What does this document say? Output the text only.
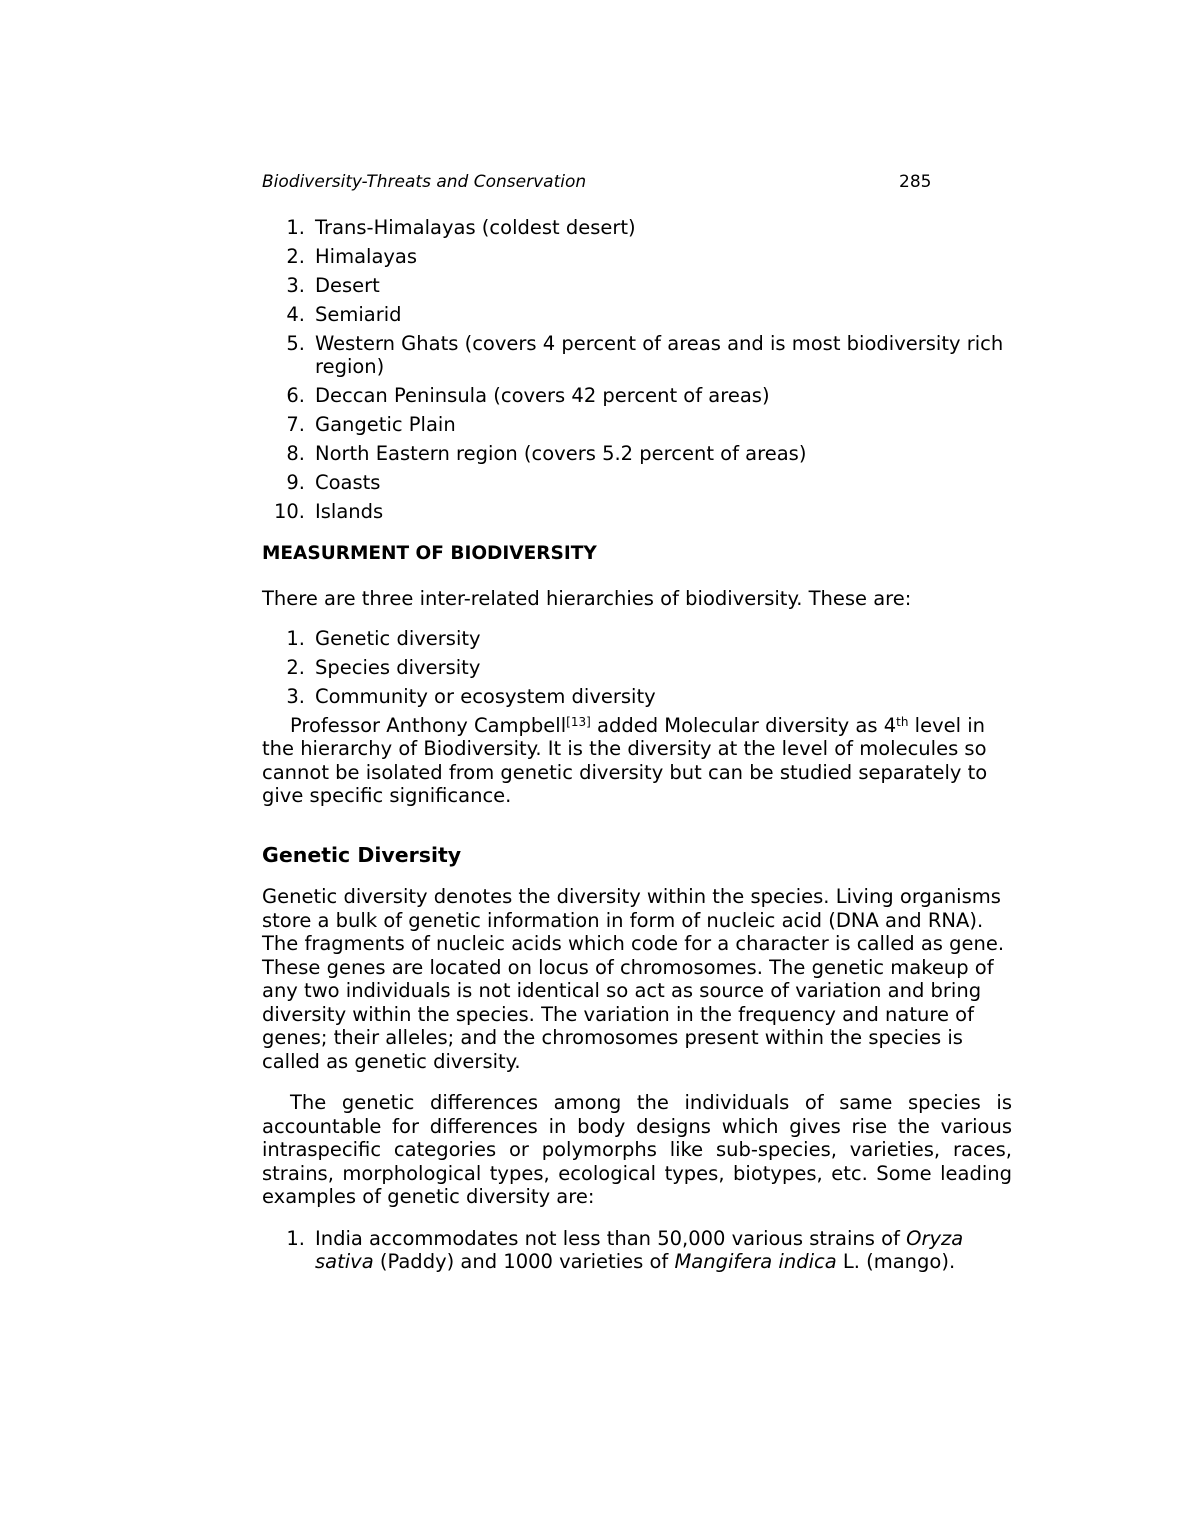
Biodiversity-Threats and Conservation	285
1. Trans-Himalayas (coldest desert)
2. Himalayas
3. Desert
4. Semiarid
5. Western Ghats (covers 4 percent of areas and is most biodiversity rich region)
6. Deccan Peninsula (covers 42 percent of areas)
7. Gangetic Plain
8. North Eastern region (covers 5.2 percent of areas)
9. Coasts
10. Islands
MEASURMENT OF BIODIVERSITY

There are three inter-related hierarchies of biodiversity. These are:

1. Genetic diversity
2. Species diversity
3. Community or ecosystem diversity

Professor Anthony Campbell[13] added Molecular diversity as 4th level in the hierarchy of Biodiversity. It is the diversity at the level of molecules so cannot be isolated from genetic diversity but can be studied separately to give specific significance.

Genetic Diversity

Genetic diversity denotes the diversity within the species. Living organisms store a bulk of genetic information in form of nucleic acid (DNA and RNA). The fragments of nucleic acids which code for a character is called as gene. These genes are located on locus of chromosomes. The genetic makeup of any two individuals is not identical so act as source of variation and bring diversity within the species. The variation in the frequency and nature of genes; their alleles; and the chromosomes present within the species is called as genetic diversity.

The genetic differences among the individuals of same species is accountable for differences in body designs which gives rise the various intraspecific categories or polymorphs like sub-species, varieties, races, strains, morphological types, ecological types, biotypes, etc. Some leading examples of genetic diversity are:

1. India accommodates not less than 50,000 various strains of Oryza sativa (Paddy) and 1000 varieties of Mangifera indica L. (mango).
